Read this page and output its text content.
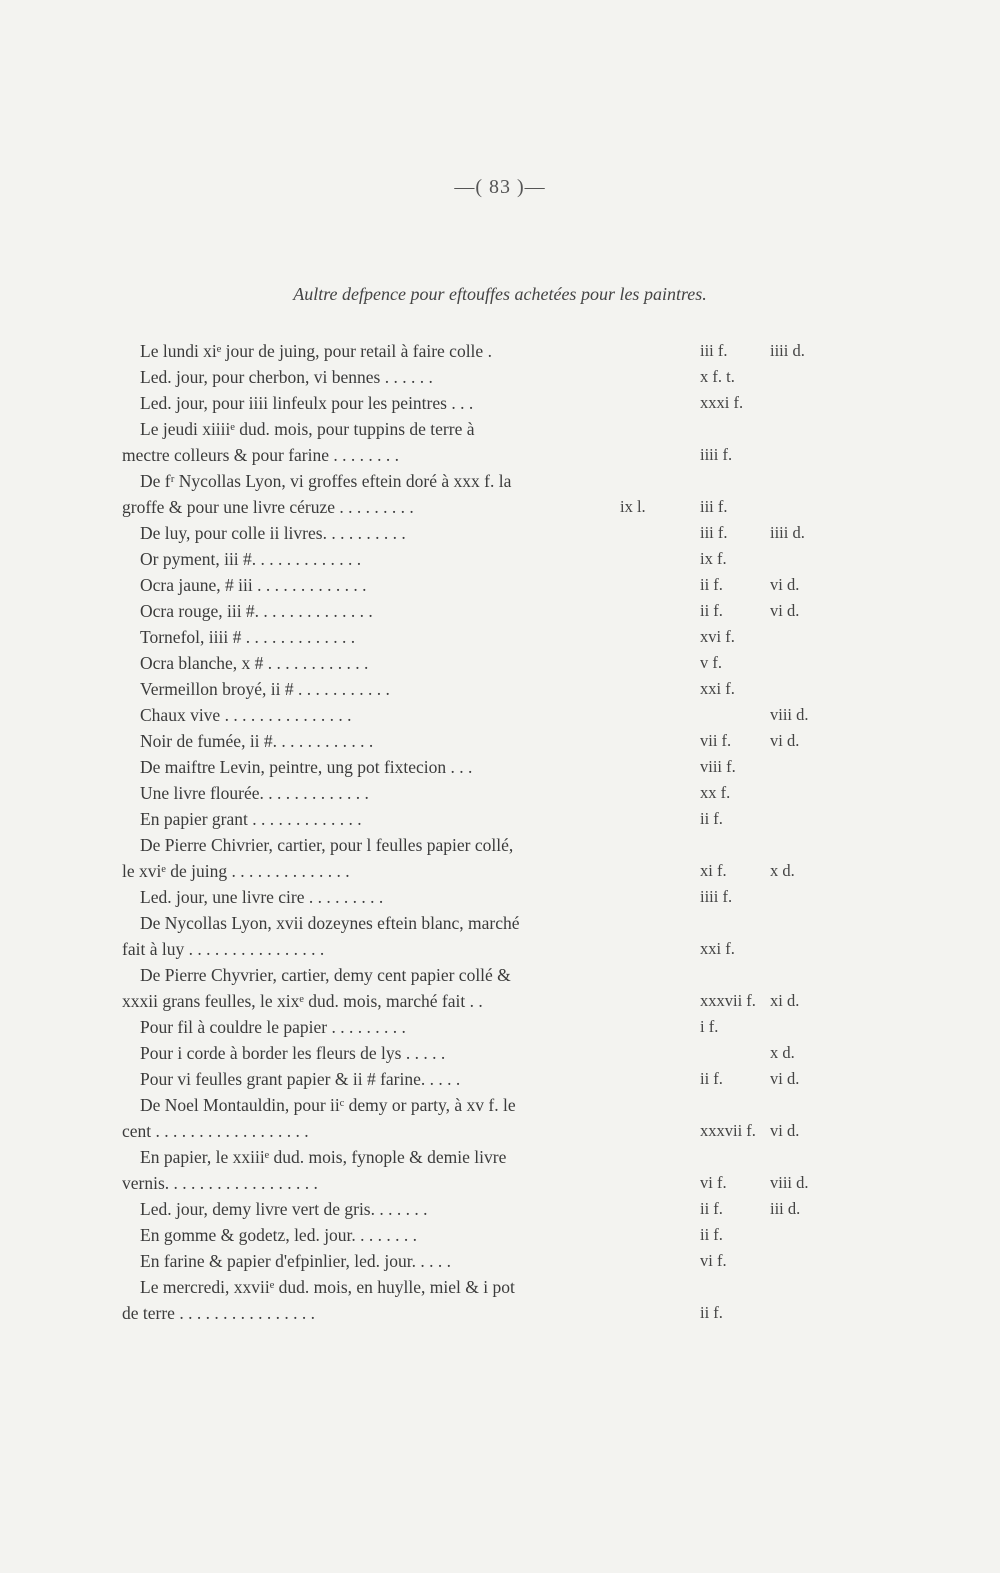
—( 83 )—
Aultre defpence pour eftouffes achetées pour les paintres.
Le lundi xiᵉ jour de juing, pour retail à faire colle .	iii f.	iiii d.
Led. jour, pour cherbon, vi bennes . . . . . .	x f. t.
Led. jour, pour iiii linfeulx pour les peintres . . .	xxxi f.
Le jeudi xiiiiᵉ dud. mois, pour tuppins de terre à
mectre colleurs & pour farine . . . . . . . .	iiii f.
De fʳ Nycollas Lyon, vi groffes eftein doré à xxx f. la
groffe & pour une livre céruze . . . . . . . . .	ix l.	iii f.
De luy, pour colle ii livres. . . . . . . . . .	iii f.	iiii d.
Or pyment, iii #. . . . . . . . . . . . .	ix f.
Ocra jaune, # iii . . . . . . . . . . . . .	ii f.	vi d.
Ocra rouge, iii #. . . . . . . . . . . . . .	ii f.	vi d.
Tornefol, iiii # . . . . . . . . . . . . .	xvi f.
Ocra blanche, x # . . . . . . . . . . . .	v f.
Vermeillon broyé, ii # . . . . . . . . . . .	xxi f.
Chaux vive . . . . . . . . . . . . . . .	viii d.
Noir de fumée, ii #. . . . . . . . . . . .	vii f. vi d.
De maiftre Levin, peintre, ung pot fixtecion . . .	viii f.
Une livre flourée. . . . . . . . . . . . .	xx f.
En papier grant . . . . . . . . . . . . .	ii f.
De Pierre Chivrier, cartier, pour l feulles papier collé,
le xviᵉ de juing . . . . . . . . . . . . . .	xi f.	x d.
Led. jour, une livre cire . . . . . . . . .	iiii f.
De Nycollas Lyon, xvii dozeynes eftein blanc, marché
fait à luy . . . . . . . . . . . . . . . .	xxi f.
De Pierre Chyvrier, cartier, demy cent papier collé &
xxxii grans feulles, le xixᵉ dud. mois, marché fait . .	xxxvii f. xi d.
Pour fil à couldre le papier . . . . . . . . .	i f.
Pour i corde à border les fleurs de lys . . . . .	x d.
Pour vi feulles grant papier & ii # farine. . . . .	ii f.	vi d.
De Noel Montauldin, pour iiᶜ demy or party, à xv f. le
cent . . . . . . . . . . . . . . . . . .	xxxvii f. vi d.
En papier, le xxiiiᵉ dud. mois, fynople & demie livre
vernis. . . . . . . . . . . . . . . . . .	vi f.	viii d.
Led. jour, demy livre vert de gris. . . . . . .	ii f.	iii d.
En gomme & godetz, led. jour. . . . . . . .	ii f.
En farine & papier d'efpinlier, led. jour. . . . .	vi f.
Le mercredi, xxviiᵉ dud. mois, en huylle, miel & i pot
de terre . . . . . . . . . . . . . . . .	ii f.
